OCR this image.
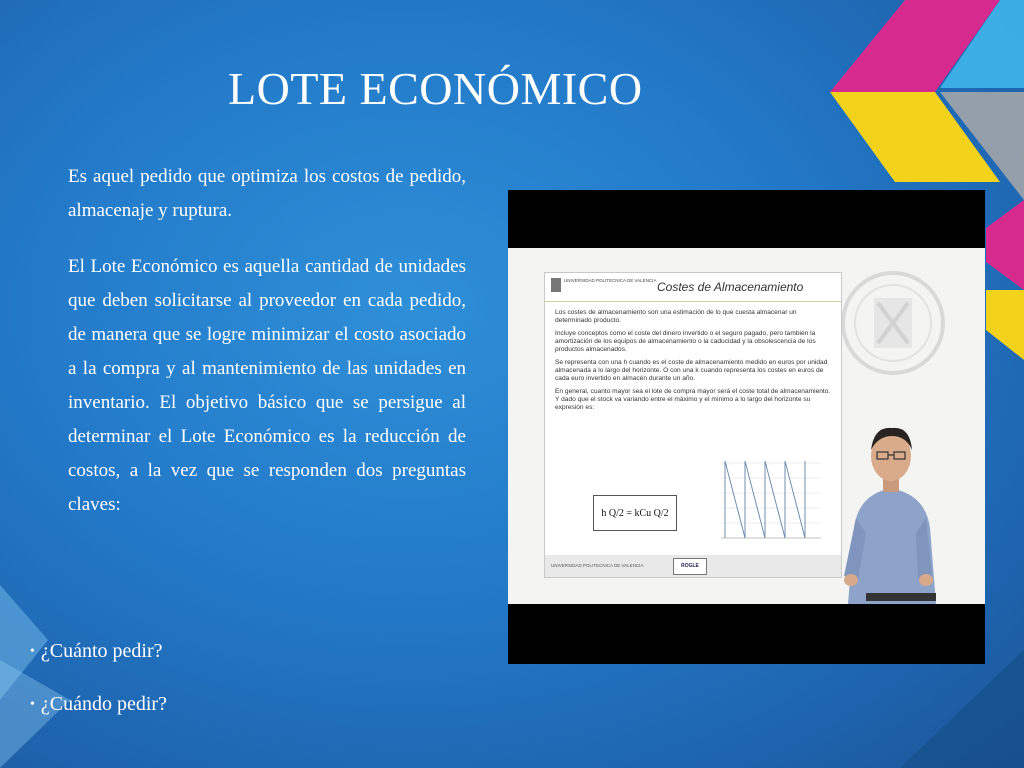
LOTE ECONÓMICO

Es aquel pedido que optimiza los costos de pedido, almacenaje y ruptura.

El Lote Económico es aquella cantidad de unidades que deben solicitarse al proveedor en cada pedido, de manera que se logre minimizar el costo asociado a la compra y al mantenimiento de las unidades en inventario. El objetivo básico que se persigue al determinar el Lote Económico es la reducción de costos, a la vez que se responden dos preguntas claves:

• ¿Cuánto pedir?
• ¿Cuándo pedir?
UNIVERSIDAD POLITECNICA DE VALENCIA Costes de Almacenamiento

Los costes de almacenamiento son una estimación de lo que cuesta almacenar un determinado producto.

Incluye conceptos como el coste del dinero invertido o el seguro pagado, pero también la amortización de los equipos de almacenamiento o la caducidad y la obsolescencia de los productos almacenados.

Se representa con una h cuando es el coste de almacenamiento medido en euros por unidad almacenada a lo largo del horizonte. O con una k cuando representa los costes en euros de cada euro invertido en almacén durante un año.

En general, cuanto mayor sea el lote de compra mayor será el coste total de almacenamiento. Y dado que el stock va variando entre el máximo y el mínimo a lo largo del horizonte su expresión es:

h Q/2 = kCu Q/2
UNIVERSIDAD POLITECNICA DE VALENCIA	ROGLE
